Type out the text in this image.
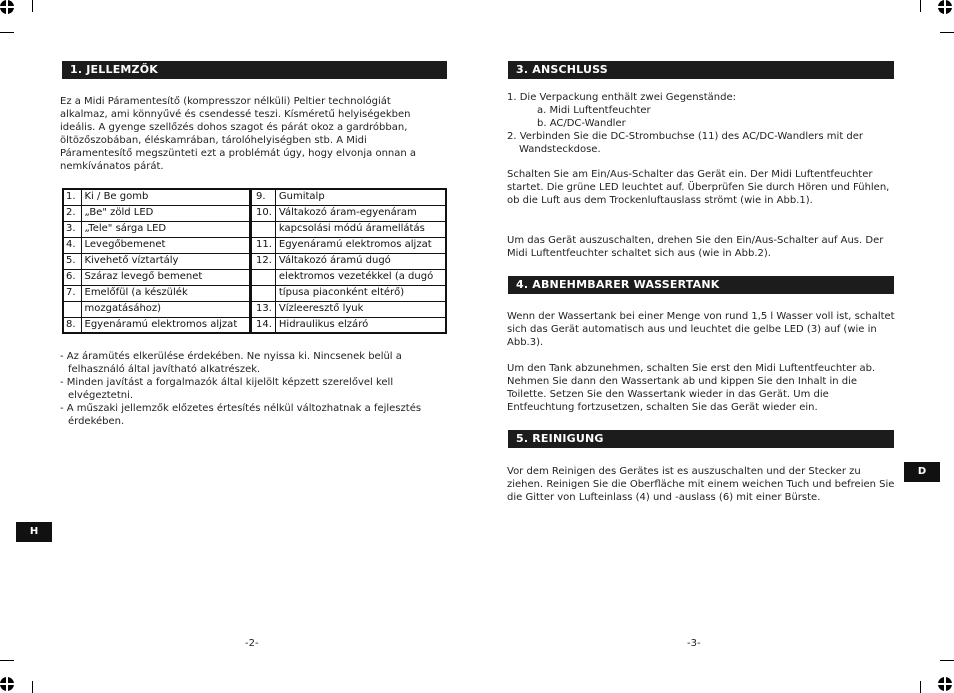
1. JELLEMZŐK

Ez a Midi Páramentesítő (kompresszor nélküli) Peltier technológiát

alkalmaz, ami könnyűvé és csendessé teszi. Kísméretű helyiségekben

ideális. A gyenge szellőzés dohos szagot és párát okoz a gardróbban,

öltözőszobában, éléskamrában, tárolóhelyiségben stb. A Midi

Páramentesítő megszünteti ezt a problémát úgy, hogy elvonja onnan a

nemkívánatos párát.

1.	Ki / Be gomb	9.	Gumitalp
2.	„Be" zöld LED	10.	Váltakozó áram-egyenáram
3.	„Tele" sárga LED		kapcsolási módú áramellátás
4.	Levegőbemenet	11.	Egyenáramú elektromos aljzat
5.	Kivehető víztartály	12.	Váltakozó áramú dugó
6.	Száraz levegő bemenet		elektromos vezetékkel (a dugó
7.	Emelőfül (a készülék		típusa piaconként eltérő)
	mozgatásához)	13.	Vízleeresztő lyuk
8.	Egyenáramú elektromos aljzat	14.	Hidraulikus elzáró
- Az áramütés elkerülése érdekében. Ne nyissa ki. Nincsenek belül a felhasználó által javítható alkatrészek.
- Minden javítást a forgalmazók által kijelölt képzett szerelővel kell elvégeztetni.
- A műszaki jellemzők előzetes értesítés nélkül változhatnak a fejlesztés érdekében.
H
-2-
3. ANSCHLUSS
1. Die Verpackung enthält zwei Gegenstände:
a. Midi Luftentfeuchter
b. AC/DC-Wandler
2. Verbinden Sie die DC-Strombuchse (11) des AC/DC-Wandlers mit der Wandsteckdose.
Schalten Sie am Ein/Aus-Schalter das Gerät ein. Der Midi Luftentfeuchter startet. Die grüne LED leuchtet auf. Überprüfen Sie durch Hören und Fühlen, ob die Luft aus dem Trockenluftauslass strömt (wie in Abb.1).
Um das Gerät auszuschalten, drehen Sie den Ein/Aus-Schalter auf Aus. Der Midi Luftentfeuchter schaltet sich aus (wie in Abb.2).
4. ABNEHMBARER WASSERTANK
Wenn der Wassertank bei einer Menge von rund 1,5 l Wasser voll ist, schaltet sich das Gerät automatisch aus und leuchtet die gelbe LED (3) auf (wie in Abb.3).
Um den Tank abzunehmen, schalten Sie erst den Midi Luftentfeuchter ab. Nehmen Sie dann den Wassertank ab und kippen Sie den Inhalt in die Toilette. Setzen Sie den Wassertank wieder in das Gerät. Um die Entfeuchtung fortzusetzen, schalten Sie das Gerät wieder ein.
5. REINIGUNG
Vor dem Reinigen des Gerätes ist es auszuschalten und der Stecker zu ziehen. Reinigen Sie die Oberfläche mit einem weichen Tuch und befreien Sie die Gitter von Lufteinlass (4) und -auslass (6) mit einer Bürste.
D
-3-
